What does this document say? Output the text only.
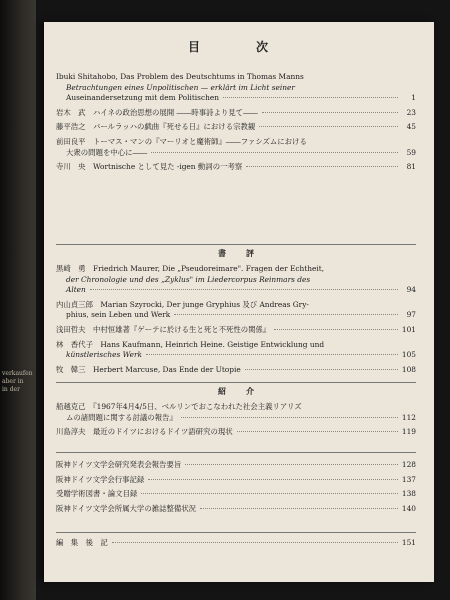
verkaufen
aber in
in der
目　次
Ibuki Shitahobo, Das Problem des Deutschtums in Thomas Manns
Betrachtungen eines Unpolitischen — erklärt im Licht seiner
Auseinandersetzung mit dem Politischen	1
岩木　武　ハイネの政治思想の展開 ――時事詩より見て――	23
藤平浩之　バールラッハの戯曲『死せる日』における宗教観	45
前田良平　トーマス・マンの『マーリオと魔術師』――ファシズムにおける
大衆の問題を中心に――	59
寺川　央　Wortnische として見た -igen 動詞の一考察	81
書　評
黒崎　勇　Friedrich Maurer, Die „Pseudoreimare". Fragen der Echtheit,
der Chronologie und des „Zyklus" im Liedercorpus Reinmars des
Alten	94
内山貞三郎　Marian Szyrocki, Der junge Gryphius 及び Andreas Gry-
phius, sein Leben und Werk	97
浅田哲夫　中村恒雄著『ゲーテに於ける生と死と不死性の関係』	101
林　香代子　Hans Kaufmann, Heinrich Heine. Geistige Entwicklung und
künstlerisches Werk	105
牧　韓三　Herbert Marcuse, Das Ende der Utopie	108
紹　介
船越克己　『1967年4月4/5日、ベルリンでおこなわれた社会主義リアリズ
ムの諸問題に関する討議の報告』	112
川島淳夫　最近のドイツにおけるドイツ語研究の現状	119
阪神ドイツ文学会研究発表会報告要旨	128
阪神ドイツ文学会行事記録	137
受贈学術図書・論文目録	138
阪神ドイツ文学会所属大学の雑誌整備状況	140
編　集　後　記	151
